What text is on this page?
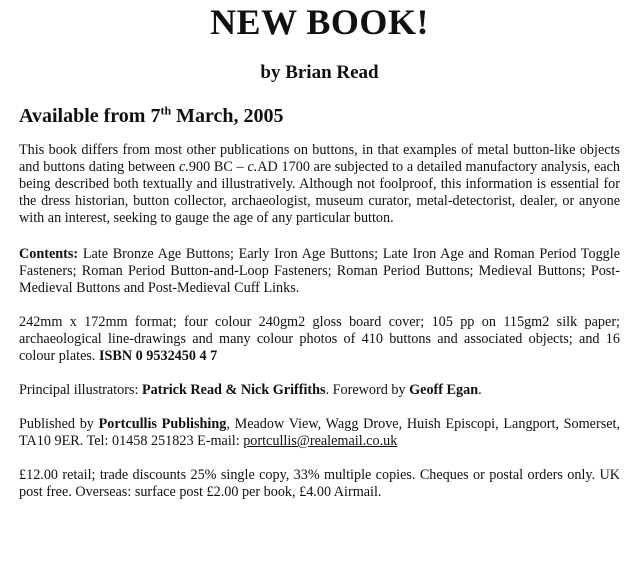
NEW BOOK!
by Brian Read
Available from 7th March, 2005

This book differs from most other publications on buttons, in that examples of metal button-like objects and buttons dating between c.900 BC – c.AD 1700 are subjected to a detailed manufactory analysis, each being described both textually and illustratively. Although not foolproof, this information is essential for the dress historian, button collector, archaeologist, museum curator, metal-detectorist, dealer, or anyone with an interest, seeking to gauge the age of any particular button.

Contents: Late Bronze Age Buttons; Early Iron Age Buttons; Late Iron Age and Roman Period Toggle Fasteners; Roman Period Button-and-Loop Fasteners; Roman Period Buttons; Medieval Buttons; Post-Medieval Buttons and Post-Medieval Cuff Links.

242mm x 172mm format; four colour 240gm2 gloss board cover; 105 pp on 115gm2 silk paper; archaeological line-drawings and many colour photos of 410 buttons and associated objects; and 16 colour plates. ISBN 0 9532450 4 7

Principal illustrators: Patrick Read & Nick Griffiths. Foreword by Geoff Egan.

Published by Portcullis Publishing, Meadow View, Wagg Drove, Huish Episcopi, Langport, Somerset, TA10 9ER. Tel: 01458 251823 E-mail: portcullis@realemail.co.uk

£12.00 retail; trade discounts 25% single copy, 33% multiple copies. Cheques or postal orders only. UK post free. Overseas: surface post £2.00 per book, £4.00 Airmail.
